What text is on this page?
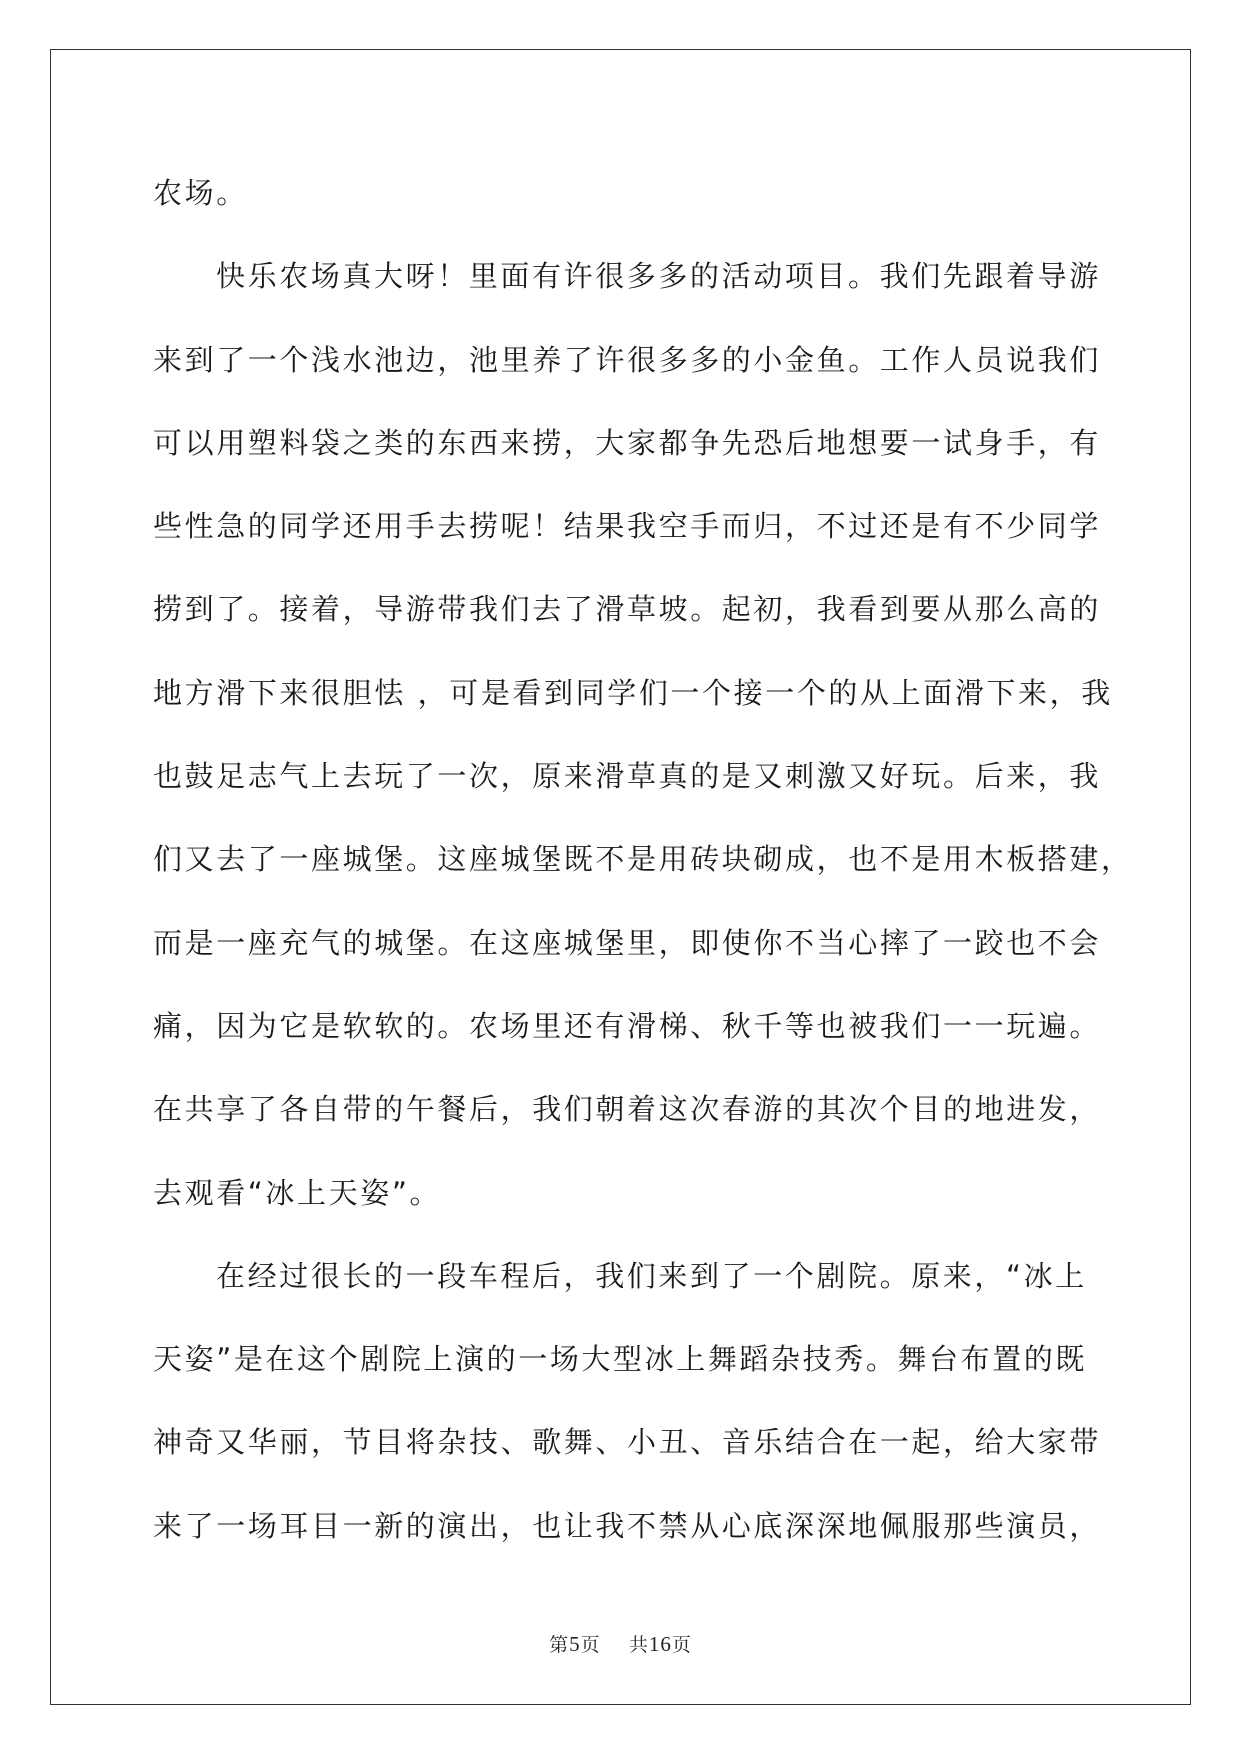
农场。
快乐农场真大呀！里面有许很多多的活动项目。我们先跟着导游
来到了一个浅水池边，池里养了许很多多的小金鱼。工作人员说我们
可以用塑料袋之类的东西来捞，大家都争先恐后地想要一试身手，有
些性急的同学还用手去捞呢！结果我空手而归，不过还是有不少同学
捞到了。接着，导游带我们去了滑草坡。起初，我看到要从那么高的
地方滑下来很胆怯 ，可是看到同学们一个接一个的从上面滑下来，我
也鼓足志气上去玩了一次，原来滑草真的是又刺激又好玩。后来，我
们又去了一座城堡。这座城堡既不是用砖块砌成，也不是用木板搭建，
而是一座充气的城堡。在这座城堡里，即使你不当心摔了一跤也不会
痛，因为它是软软的。农场里还有滑梯、秋千等也被我们一一玩遍。
在共享了各自带的午餐后，我们朝着这次春游的其次个目的地进发，
去观看“冰上天姿”。
在经过很长的一段车程后，我们来到了一个剧院。原来，“冰上
天姿”是在这个剧院上演的一场大型冰上舞蹈杂技秀。舞台布置的既
神奇又华丽，节目将杂技、歌舞、小丑、音乐结合在一起，给大家带
来了一场耳目一新的演出，也让我不禁从心底深深地佩服那些演员，
第5页 共16页
